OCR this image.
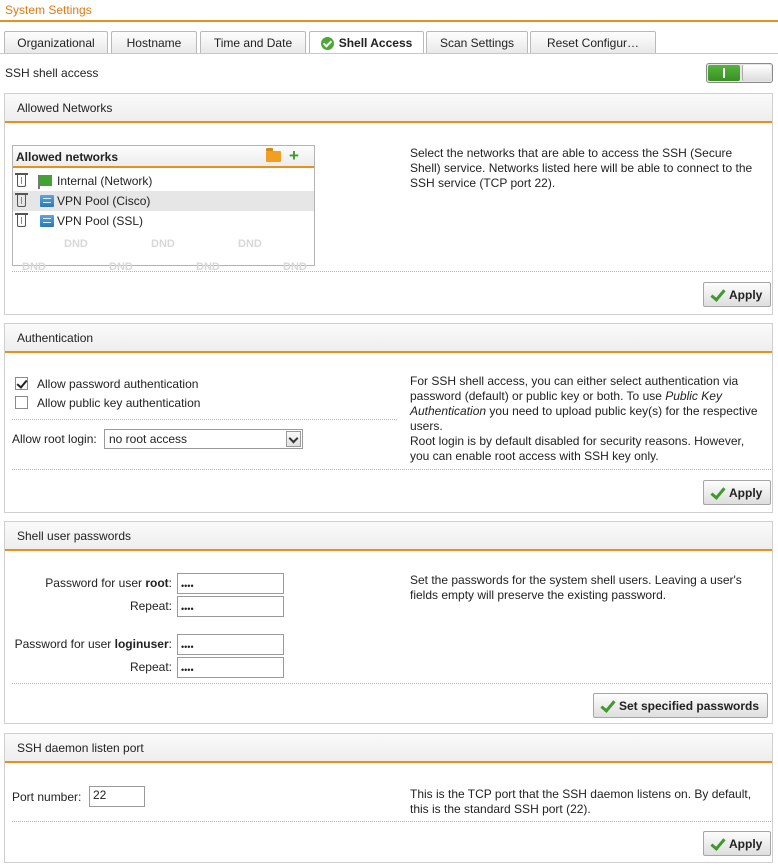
System Settings
Organizational	Hostname	Time and Date	Shell Access Scan Settings	Reset Configur…
SSH shell access
Allowed Networks
Allowed networks	+
Internal (Network)
VPN Pool (Cisco)
VPN Pool (SSL)
DND	DND	DND
DND	DND	DND	DND
Select the networks that are able to access the SSH (Secure Shell) service. Networks listed here will be able to connect to the SSH service (TCP port 22).
Apply
Authentication
Allow password authentication
Allow public key authentication
Allow root login:	no root access
For SSH shell access, you can either select authentication via password (default) or public key or both. To use Public Key Authentication you need to upload public key(s) for the respective users.
Root login is by default disabled for security reasons. However, you can enable root access with SSH key only.
Apply
Shell user passwords
Password for user root:	$_{••••}$
Repeat:	$_{••••}$
Password for user loginuser:	$_{••••}$
Repeat:	$_{••••}$
Set the passwords for the system shell users. Leaving a user's fields empty will preserve the existing password.
Set specified passwords
SSH daemon listen port
Port number: 22	This is the TCP port that the SSH daemon listens on. By default, this is the standard SSH port (22).
Apply
